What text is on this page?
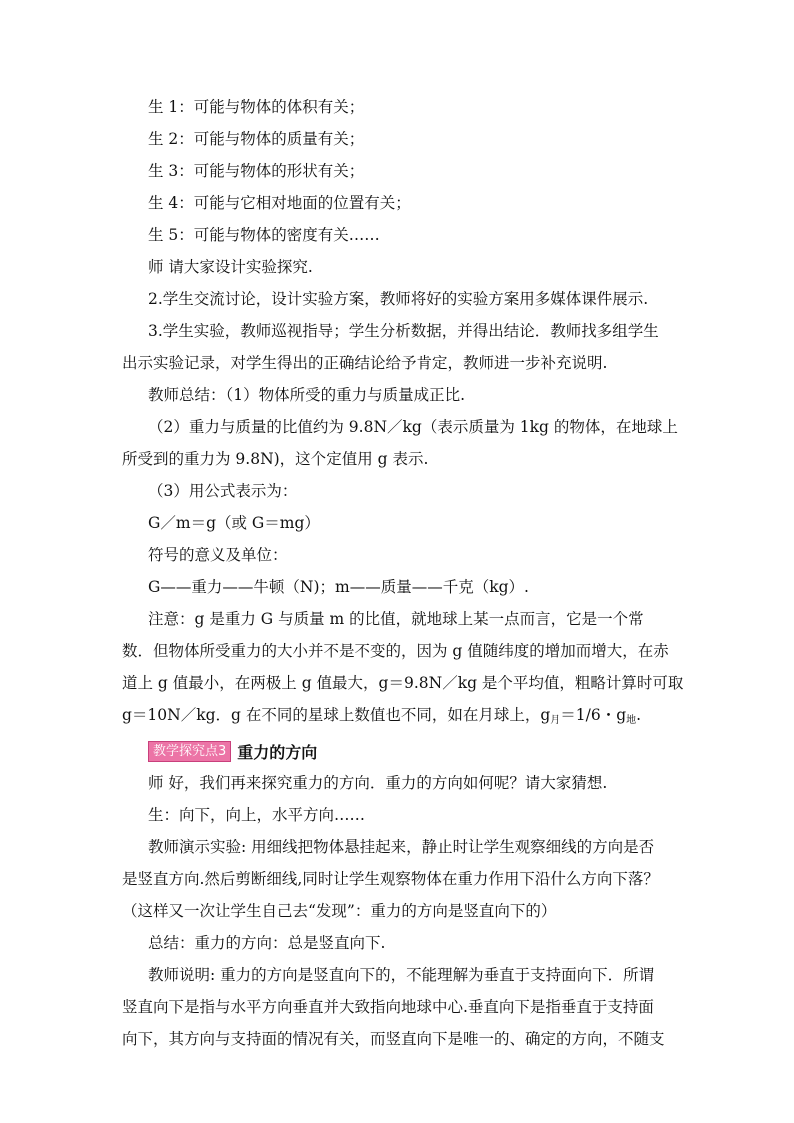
生 1：可能与物体的体积有关；
生 2：可能与物体的质量有关；
生 3：可能与物体的形状有关；
生 4：可能与它相对地面的位置有关；
生 5：可能与物体的密度有关……
师 请大家设计实验探究.
2.学生交流讨论，设计实验方案，教师将好的实验方案用多媒体课件展示.
3.学生实验，教师巡视指导；学生分析数据，并得出结论．教师找多组学生
出示实验记录，对学生得出的正确结论给予肯定，教师进一步补充说明.
教师总结：（1）物体所受的重力与质量成正比.
（2）重力与质量的比值约为 9.8N／kg（表示质量为 1kg 的物体，在地球上
所受到的重力为 9.8N)，这个定值用 g 表示.
（3）用公式表示为：
G／m＝g（或 G＝mg）
符号的意义及单位：
G——重力——牛顿（N)；m——质量——千克（kg）.
注意：g 是重力 G 与质量 m 的比值，就地球上某一点而言，它是一个常
数．但物体所受重力的大小并不是不变的，因为 g 值随纬度的增加而增大，在赤
道上 g 值最小，在两极上 g 值最大，g＝9.8N／kg 是个平均值，粗略计算时可取
g＝10N／kg．g 在不同的星球上数值也不同，如在月球上，$g_月=1/6$・$g_地$.
教学探究点3 重力的方向
师 好，我们再来探究重力的方向．重力的方向如何呢？请大家猜想.
生：向下，向上，水平方向……
教师演示实验: 用细线把物体悬挂起来，静止时让学生观察细线的方向是否
是竖直方向.然后剪断细线,同时让学生观察物体在重力作用下沿什么方向下落？
（这样又一次让学生自己去“发现”：重力的方向是竖直向下的）
总结：重力的方向：总是竖直向下.
教师说明: 重力的方向是竖直向下的，不能理解为垂直于支持面向下．所谓
竖直向下是指与水平方向垂直并大致指向地球中心.垂直向下是指垂直于支持面
向下，其方向与支持面的情况有关，而竖直向下是唯一的、确定的方向，不随支
